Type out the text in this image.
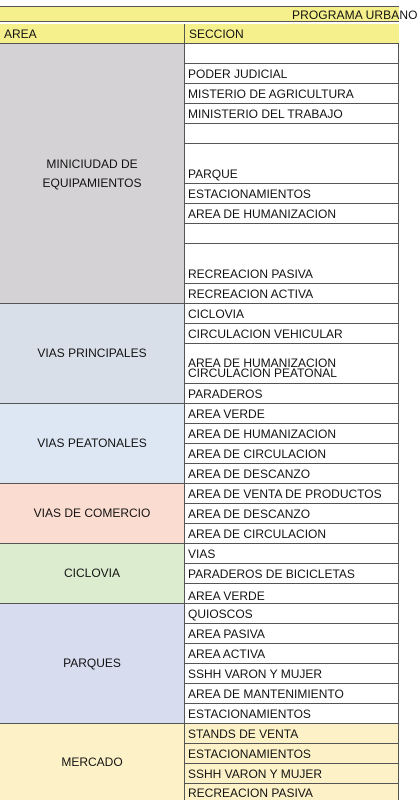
PROGRAMA URBANO
AREA	SECCION
MINICIUDAD DE
EQUIPAMIENTOS
PODER JUDICIAL
MISTERIO DE AGRICULTURA
MINISTERIO DEL TRABAJO
PARQUE
ESTACIONAMIENTOS
AREA DE HUMANIZACION
RECREACION PASIVA
RECREACION ACTIVA
VIAS PRINCIPALES
CICLOVIA
CIRCULACION VEHICULAR
AREA DE HUMANIZACION
CIRCULACION PEATONAL
PARADEROS
VIAS PEATONALES
AREA VERDE
AREA DE HUMANIZACION
AREA DE CIRCULACION
AREA DE DESCANZO
VIAS DE COMERCIO
AREA DE VENTA DE PRODUCTOS
AREA DE DESCANZO
AREA DE CIRCULACION
CICLOVIA
VIAS
PARADEROS DE BICICLETAS
AREA VERDE
PARQUES
QUIOSCOS
AREA PASIVA
AREA ACTIVA
SSHH VARON Y MUJER
AREA DE MANTENIMIENTO
ESTACIONAMIENTOS
MERCADO
STANDS DE VENTA
ESTACIONAMIENTOS
SSHH VARON Y MUJER
RECREACION PASIVA
